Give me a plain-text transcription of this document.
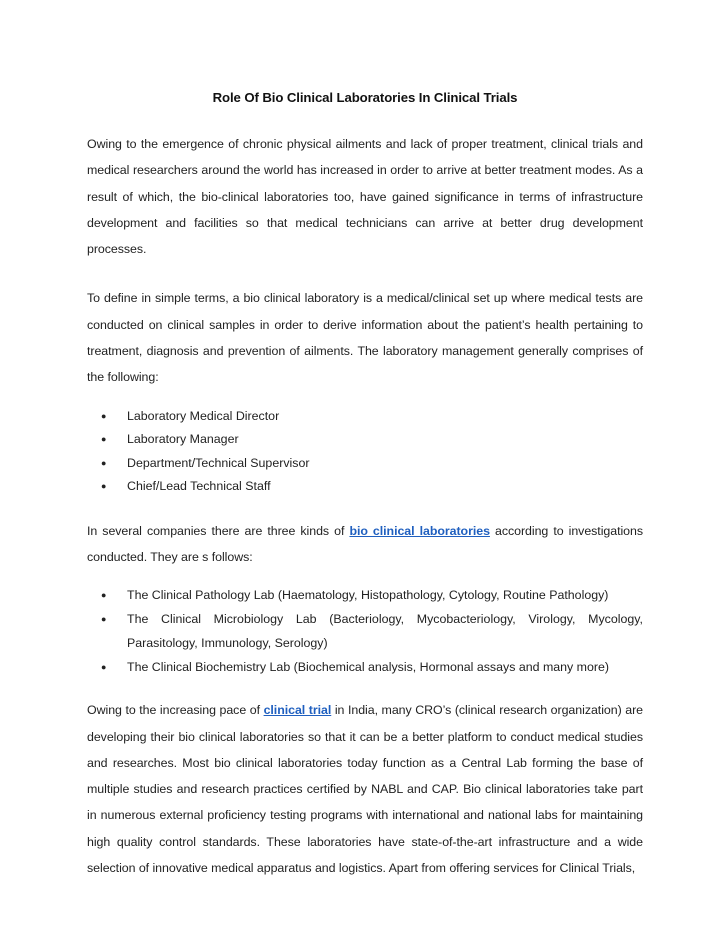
Role Of Bio Clinical Laboratories In Clinical Trials

Owing to the emergence of chronic physical ailments and lack of proper treatment, clinical trials and medical researchers around the world has increased in order to arrive at better treatment modes. As a result of which, the bio-clinical laboratories too, have gained significance in terms of infrastructure development and facilities so that medical technicians can arrive at better drug development processes.

To define in simple terms, a bio clinical laboratory is a medical/clinical set up where medical tests are conducted on clinical samples in order to derive information about the patient’s health pertaining to treatment, diagnosis and prevention of ailments. The laboratory management generally comprises of the following:

● Laboratory Medical Director
● Laboratory Manager
● Department/Technical Supervisor
● Chief/Lead Technical Staff

In several companies there are three kinds of bio clinical laboratories according to investigations conducted. They are s follows:

● The Clinical Pathology Lab (Haematology, Histopathology, Cytology, Routine Pathology)
● The Clinical Microbiology Lab (Bacteriology, Mycobacteriology, Virology, Mycology, Parasitology, Immunology, Serology)
● The Clinical Biochemistry Lab (Biochemical analysis, Hormonal assays and many more)

Owing to the increasing pace of clinical trial in India, many CRO’s (clinical research organization) are developing their bio clinical laboratories so that it can be a better platform to conduct medical studies and researches. Most bio clinical laboratories today function as a Central Lab forming the base of multiple studies and research practices certified by NABL and CAP. Bio clinical laboratories take part in numerous external proficiency testing programs with international and national labs for maintaining high quality control standards. These laboratories have state-of-the-art infrastructure and a wide selection of innovative medical apparatus and logistics. Apart from offering services for Clinical Trials,
